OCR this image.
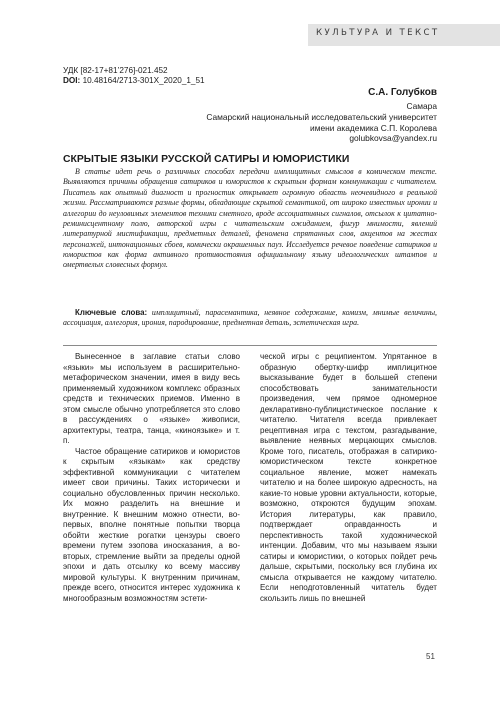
КУЛЬТУРА И ТЕКСТ
УДК [82-17+81’276]-021.452
DOI: 10.48164/2713-301X_2020_1_51
С.А. Голубков
Самара
Самарский национальный исследовательский университет
имени академика С.П. Королева
golubkovsa@yandex.ru
СКРЫТЫЕ ЯЗЫКИ РУССКОЙ САТИРЫ И ЮМОРИСТИКИ
В статье идет речь о различных способах передачи имплицитных смыслов в комическом тексте. Выявляются причины обращения сатириков и юмористов к скрытым формам коммуникации с читателем. Писатель как опытный диагност и прогностик открывает огромную область неочевидного в реальной жизни. Рассматриваются разные формы, обладающие скрытой семантикой, от широко известных иронии и аллегории до неуловимых элементов техники сметного, вроде ассоциативных сигналов, отсылок к цитатно-реминисцентному полю, авторской игры с читательским ожиданием, фигур мнимости, явлений литературной мистификации, предметных деталей, феномена спрятанных слов, акцентов на жестах персонажей, интонационных сбоев, комически окрашенных пауз. Исследуется речевое поведение сатириков и юмористов как форма активного противостояния официальному языку идеологических штампов и омертвелых словесных формул.
Ключевые слова: имплицитный, парасемантика, неявное содержание, комизм, мнимые величины, ассоциация, аллегория, ирония, пародирование, предметная деталь, эстетическая игра.

Вынесенное в заглавие статьи слово «языки» мы используем в расширительно-метафорическом значении, имея в виду весь применяемый художником комплекс образных средств и технических приемов. Именно в этом смысле обычно употребляется это слово в рассуждениях о «языке» живописи, архитектуры, театра, танца, «киноязыке» и т. п.

Частое обращение сатириков и юмористов к скрытым «языкам» как средству эффективной коммуникации с читателем имеет свои причины. Таких исторически и социально обусловленных причин несколько. Их можно разделить на внешние и внутренние. К внешним можно отнести, во-первых, вполне понятные попытки творца обойти жесткие рогатки цензуры своего времени путем эзопова иносказания, а во-вторых, стремление выйти за пределы одной эпохи и дать отсылку ко всему массиву мировой культуры. К внутренним причинам, прежде всего, относится интерес художника к многообразным возможностям эстети-

ческой игры с реципиентом. Упрятанное в образную обертку-шифр имплицитное высказывание будет в большей степени способствовать занимательности произведения, чем прямое одномерное декларативно-публицистическое послание к читателю. Читателя всегда привлекает рецептивная игра с текстом, разгадывание, выявление неявных мерцающих смыслов. Кроме того, писатель, отображая в сатирико-юмористическом тексте конкретное социальное явление, может намекать читателю и на более широкую адресность, на какие-то новые уровни актуальности, которые, возможно, откроются будущим эпохам. История литературы, как правило, подтверждает оправданность и перспективность такой художнической интенции. Добавим, что мы называем языки сатиры и юмористики, о которых пойдет речь дальше, скрытыми, поскольку вся глубина их смысла открывается не каждому читателю. Если неподготовленный читатель будет скользить лишь по внешней

51
